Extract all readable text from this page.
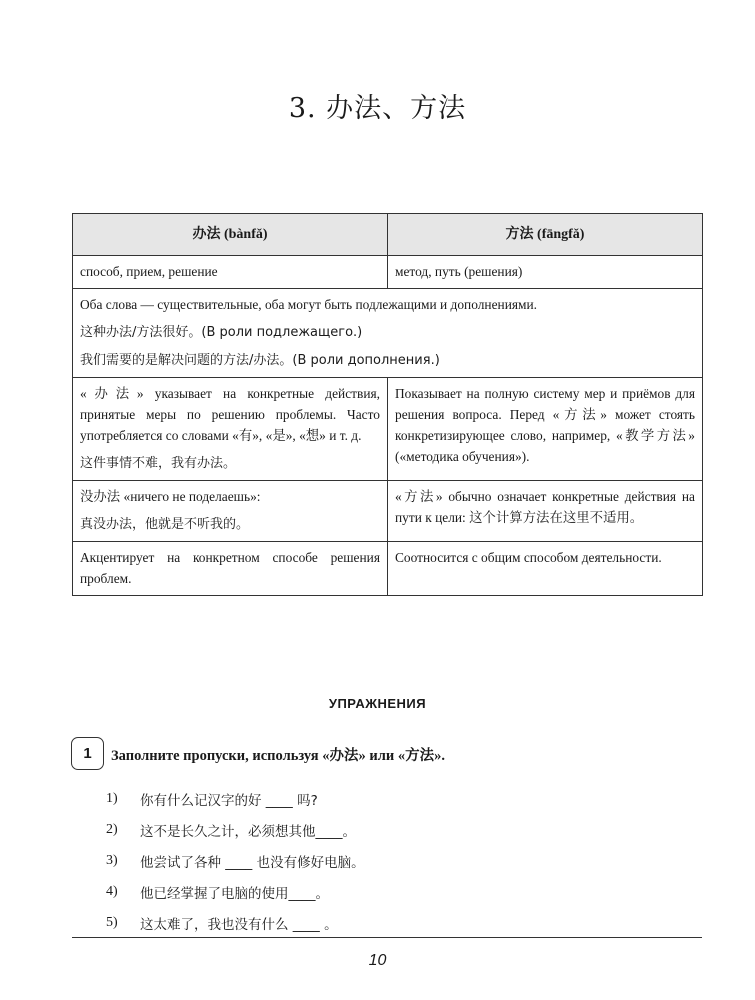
3. 办法、方法
办法 (bànfǎ)	方法 (fāngfǎ)
способ, прием, решение	метод, путь (решения)

Оба слова — существительные, оба могут быть подлежащими и дополнениями.
这种办法/方法很好。(В роли подлежащего.)
我们需要的是解决问题的方法/办法。(В роли дополнения.)	

«办法» указывает на конкретные действия, принятые меры по решению проблемы. Часто употребляется со словами «有», «是», «想» и т. д.
这件事情不难，我有办法。	Показывает на полную систему мер и приёмов для решения вопроса. Перед «方法» может стоять конкретизирующее слово, например, «教学方法» («методика обучения»).

没办法 «ничего не поделаешь»:
真没办法，他就是不听我的。	«方法» обычно означает конкретные действия на пути к цели: 这个计算方法在这里不适用。

Акцентирует на конкретном способе решения проблем.	Соотносится с общим способом деятельности.
УПРАЖНЕНИЯ
1	Заполните пропуски, используя «办法» или «方法».
1)	你有什么记汉字的好 ____ 吗?
2)	这不是长久之计，必须想其他____。
3)	他尝试了各种 ____ 也没有修好电脑。
4)	他已经掌握了电脑的使用____。
5)	这太难了，我也没有什么 ____ 。
10
